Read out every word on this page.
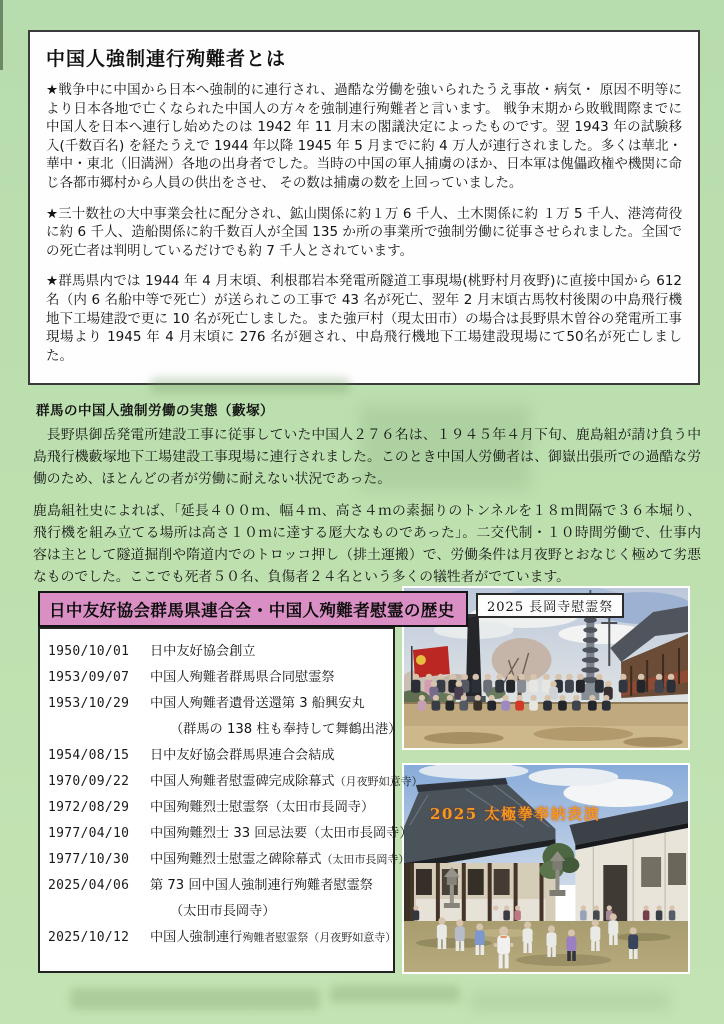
中国人強制連行殉難者とは

★戦争中に中国から日本へ強制的に連行され、過酷な労働を強いられたうえ事故・病気・ 原因不明等により日本各地で亡くなられた中国人の方々を強制連行殉難者と言います。 戦争末期から敗戦間際までに中国人を日本へ連行し始めたのは 1942 年 11 月末の閣議決定によったものです。翌 1943 年の試験移入(千数百名) を経たうえで 1944 年以降 1945 年 5 月までに約 4 万人が連行されました。多くは華北・華中・東北（旧満洲）各地の出身者でした。当時の中国の軍人捕虜のほか、日本軍は傀儡政権や機関に命じ各都市郷村から人員の供出をさせ、 その数は捕虜の数を上回っていました。

★三十数社の大中事業会社に配分され、鉱山関係に約１万 6 千人、土木関係に約 １万 5 千人、港湾荷役に約 6 千人、造船関係に約千数百人が全国 135 か所の事業所で強制労働に従事させられました。全国での死亡者は判明しているだけでも約 7 千人とされています。

★群馬県内では 1944 年 4 月末頃、利根郡岩本発電所隧道工事現場(桃野村月夜野)に直接中国から 612 名（内 6 名船中等で死亡）が送られこの工事で 43 名が死亡、翌年 2 月末頃古馬牧村後閑の中島飛行機地下工場建設で更に 10 名が死亡しました。また強戸村（現太田市）の場合は長野県木曽谷の発電所工事現場より 1945 年 4 月末頃に 276 名が廻され、中島飛行機地下工場建設現場にて50名が死亡しました。

群馬の中国人強制労働の実態（藪塚）

　長野県御岳発電所建設工事に従事していた中国人２７６名は、１９４５年４月下旬、鹿島組が請け負う中島飛行機藪塚地下工場建設工事現場に連行されました。このとき中国人労働者は、御嶽出張所での過酷な労働のため、ほとんどの者が労働に耐えない状況であった。

鹿島組社史によれば、「延長４００ｍ、幅４ｍ、高さ４ｍの素掘りのトンネルを１８ｍ間隔で３６本堀り、飛行機を組み立てる場所は高さ１０ｍに達する厖大なものであった」。二交代制・１０時間労働で、仕事内容は主として隧道掘削や隋道内でのトロッコ押し（排土運搬）で、労働条件は月夜野とおなじく極めて劣悪なものでした。ここでも死者５０名、負傷者２４名という多くの犠牲者がでています。

日中友好協会群馬県連合会・中国人殉難者慰霊の歴史
1950/10/01	日中友好協会創立
1953/09/07	中国人殉難者群馬県合同慰霊祭
1953/10/29	中国人殉難者遺骨送還第 3 船興安丸
（群馬の 138 柱も奉持して舞鶴出港）
1954/08/15	日中友好協会群馬県連合会結成
1970/09/22	中国人殉難者慰霊碑完成除幕式（月夜野如意寺）
1972/08/29	中国殉難烈士慰霊祭（太田市長岡寺）
1977/04/10	中国殉難烈士 33 回忌法要（太田市長岡寺）
1977/10/30	中国殉難烈士慰霊之碑除幕式（太田市長岡寺）
2025/04/06	第 73 回中国人強制連行殉難者慰霊祭
（太田市長岡寺）
2025/10/12	中国人強制連行殉難者慰霊祭（月夜野如意寺）
2025 長岡寺慰霊祭
2025 太極拳奉納表演
